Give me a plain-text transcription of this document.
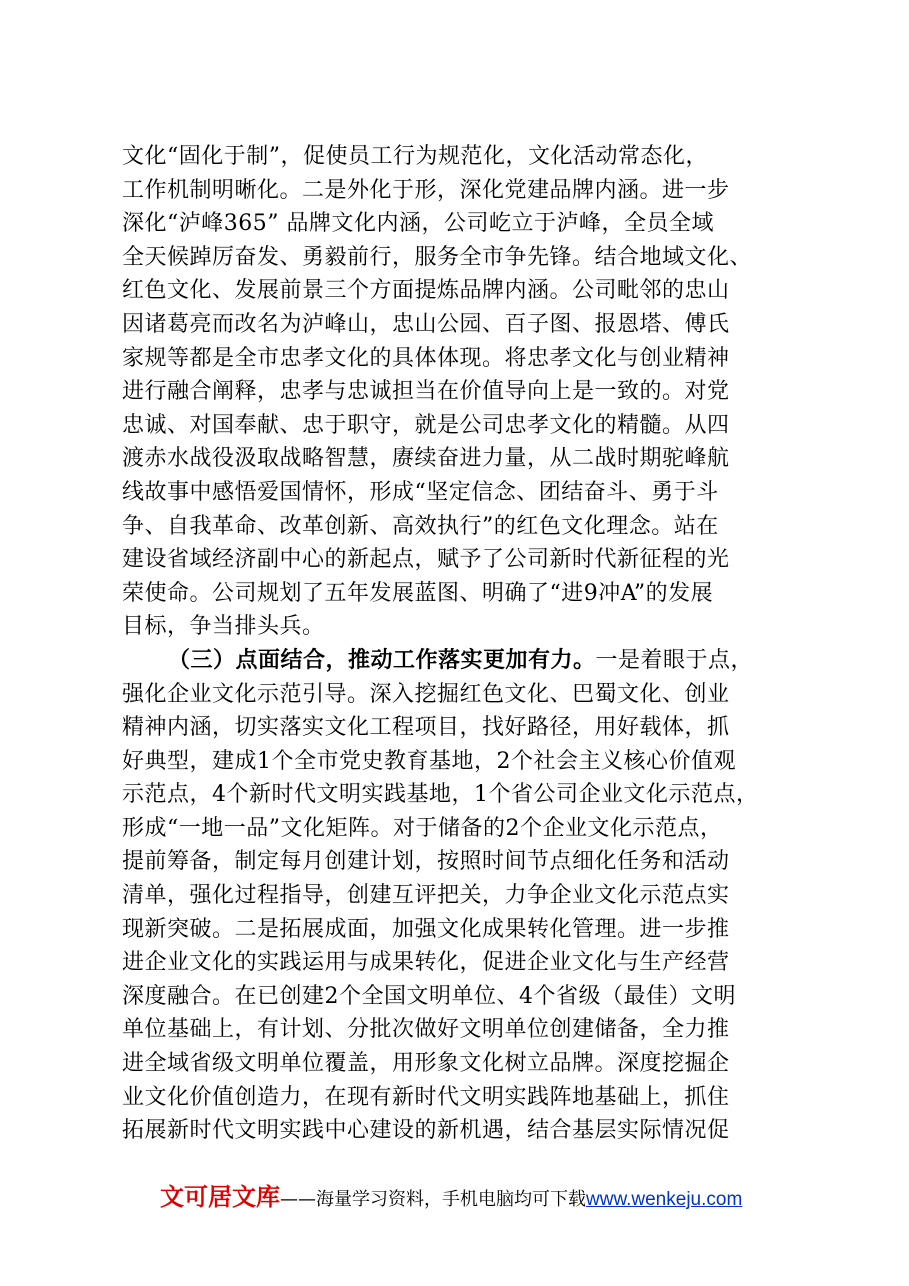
文化“固化于制”，促使员工行为规范化，文化活动常态化，
工作机制明晰化。二是外化于形，深化党建品牌内涵。进一步
深化“泸峰365” 品牌文化内涵，公司屹立于泸峰，全员全域
全天候踔厉奋发、勇毅前行，服务全市争先锋。结合地域文化、
红色文化、发展前景三个方面提炼品牌内涵。公司毗邻的忠山
因诸葛亮而改名为泸峰山，忠山公园、百子图、报恩塔、傅氏
家规等都是全市忠孝文化的具体体现。将忠孝文化与创业精神
进行融合阐释，忠孝与忠诚担当在价值导向上是一致的。对党
忠诚、对国奉献、忠于职守，就是公司忠孝文化的精髓。从四
渡赤水战役汲取战略智慧，赓续奋进力量，从二战时期驼峰航
线故事中感悟爱国情怀，形成“坚定信念、团结奋斗、勇于斗
争、自我革命、改革创新、高效执行”的红色文化理念。站在
建设省域经济副中心的新起点，赋予了公司新时代新征程的光
荣使命。公司规划了五年发展蓝图、明确了“进9冲A”的发展
目标，争当排头兵。
（三）点面结合，推动工作落实更加有力。一是着眼于点，
强化企业文化示范引导。深入挖掘红色文化、巴蜀文化、创业
精神内涵，切实落实文化工程项目，找好路径，用好载体，抓
好典型，建成1个全市党史教育基地，2个社会主义核心价值观
示范点，4个新时代文明实践基地，1个省公司企业文化示范点，
形成“一地一品”文化矩阵。对于储备的2个企业文化示范点，
提前筹备，制定每月创建计划，按照时间节点细化任务和活动
清单，强化过程指导，创建互评把关，力争企业文化示范点实
现新突破。二是拓展成面，加强文化成果转化管理。进一步推
进企业文化的实践运用与成果转化，促进企业文化与生产经营
深度融合。在已创建2个全国文明单位、4个省级（最佳）文明
单位基础上，有计划、分批次做好文明单位创建储备，全力推
进全域省级文明单位覆盖，用形象文化树立品牌。深度挖掘企
业文化价值创造力，在现有新时代文明实践阵地基础上，抓住
拓展新时代文明实践中心建设的新机遇，结合基层实际情况促
文可居文库——海量学习资料，手机电脑均可下载www.wenkeju.com
